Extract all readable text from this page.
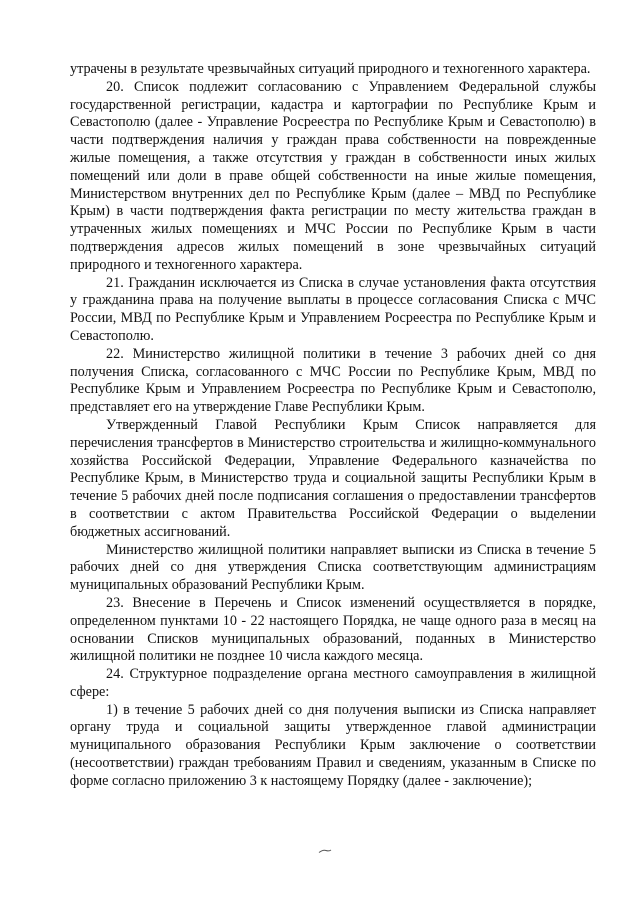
утрачены в результате чрезвычайных ситуаций природного и техногенного характера.

20. Список подлежит согласованию с Управлением Федеральной службы государственной регистрации, кадастра и картографии по Республике Крым и Севастополю (далее - Управление Росреестра по Республике Крым и Севастополю) в части подтверждения наличия у граждан права собственности на поврежденные жилые помещения, а также отсутствия у граждан в собственности иных жилых помещений или доли в праве общей собственности на иные жилые помещения, Министерством внутренних дел по Республике Крым (далее – МВД по Республике Крым) в части подтверждения факта регистрации по месту жительства граждан в утраченных жилых помещениях и МЧС России по Республике Крым в части подтверждения адресов жилых помещений в зоне чрезвычайных ситуаций природного и техногенного характера.

21. Гражданин исключается из Списка в случае установления факта отсутствия у гражданина права на получение выплаты в процессе согласования Списка с МЧС России, МВД по Республике Крым и Управлением Росреестра по Республике Крым и Севастополю.

22. Министерство жилищной политики в течение 3 рабочих дней со дня получения Списка, согласованного с МЧС России по Республике Крым, МВД по Республике Крым и Управлением Росреестра по Республике Крым и Севастополю, представляет его на утверждение Главе Республики Крым.

Утвержденный Главой Республики Крым Список направляется для перечисления трансфертов в Министерство строительства и жилищно-коммунального хозяйства Российской Федерации, Управление Федерального казначейства по Республике Крым, в Министерство труда и социальной защиты Республики Крым в течение 5 рабочих дней после подписания соглашения о предоставлении трансфертов в соответствии с актом Правительства Российской Федерации о выделении бюджетных ассигнований.

Министерство жилищной политики направляет выписки из Списка в течение 5 рабочих дней со дня утверждения Списка соответствующим администрациям муниципальных образований Республики Крым.

23. Внесение в Перечень и Список изменений осуществляется в порядке, определенном пунктами 10 - 22 настоящего Порядка, не чаще одного раза в месяц на основании Списков муниципальных образований, поданных в Министерство жилищной политики не позднее 10 числа каждого месяца.

24. Структурное подразделение органа местного самоуправления в жилищной сфере:

1) в течение 5 рабочих дней со дня получения выписки из Списка направляет органу труда и социальной защиты утвержденное главой администрации муниципального образования Республики Крым заключение о соответствии (несоответствии) граждан требованиям Правил и сведениям, указанным в Списке по форме согласно приложению 3 к настоящему Порядку (далее - заключение);
